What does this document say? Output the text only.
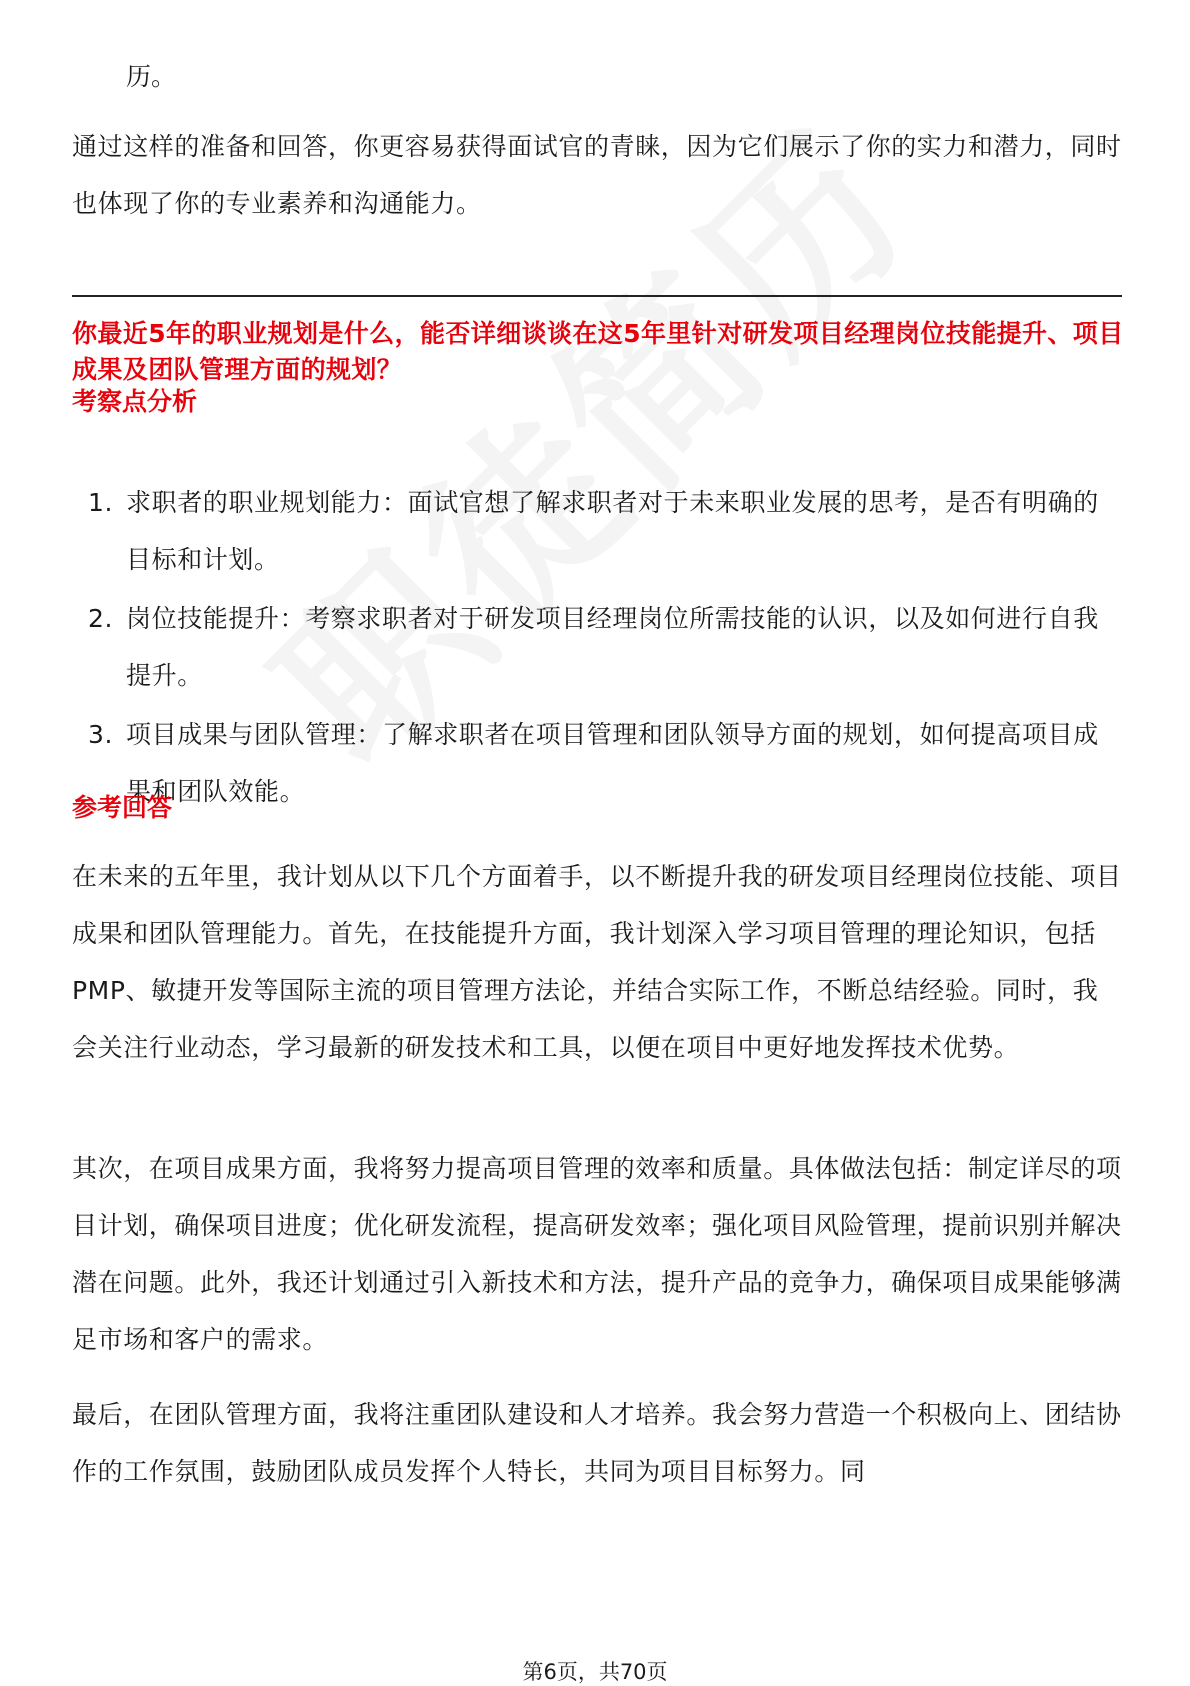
历。
通过这样的准备和回答，你更容易获得面试官的青睐，因为它们展示了你的实力和潜力，同时也体现了你的专业素养和沟通能力。
你最近5年的职业规划是什么，能否详细谈谈在这5年里针对研发项目经理岗位技能提升、项目成果及团队管理方面的规划？
考察点分析
1. 求职者的职业规划能力：面试官想了解求职者对于未来职业发展的思考，是否有明确的目标和计划。
2. 岗位技能提升：考察求职者对于研发项目经理岗位所需技能的认识，以及如何进行自我提升。
3. 项目成果与团队管理：了解求职者在项目管理和团队领导方面的规划，如何提高项目成果和团队效能。
参考回答
在未来的五年里，我计划从以下几个方面着手，以不断提升我的研发项目经理岗位技能、项目成果和团队管理能力。首先，在技能提升方面，我计划深入学习项目管理的理论知识，包括PMP、敏捷开发等国际主流的项目管理方法论，并结合实际工作，不断总结经验。同时，我会关注行业动态，学习最新的研发技术和工具，以便在项目中更好地发挥技术优势。
其次，在项目成果方面，我将努力提高项目管理的效率和质量。具体做法包括：制定详尽的项目计划，确保项目进度；优化研发流程，提高研发效率；强化项目风险管理，提前识别并解决潜在问题。此外，我还计划通过引入新技术和方法，提升产品的竞争力，确保项目成果能够满足市场和客户的需求。
最后，在团队管理方面，我将注重团队建设和人才培养。我会努力营造一个积极向上、团结协作的工作氛围，鼓励团队成员发挥个人特长，共同为项目目标努力。同
第6页，共70页
